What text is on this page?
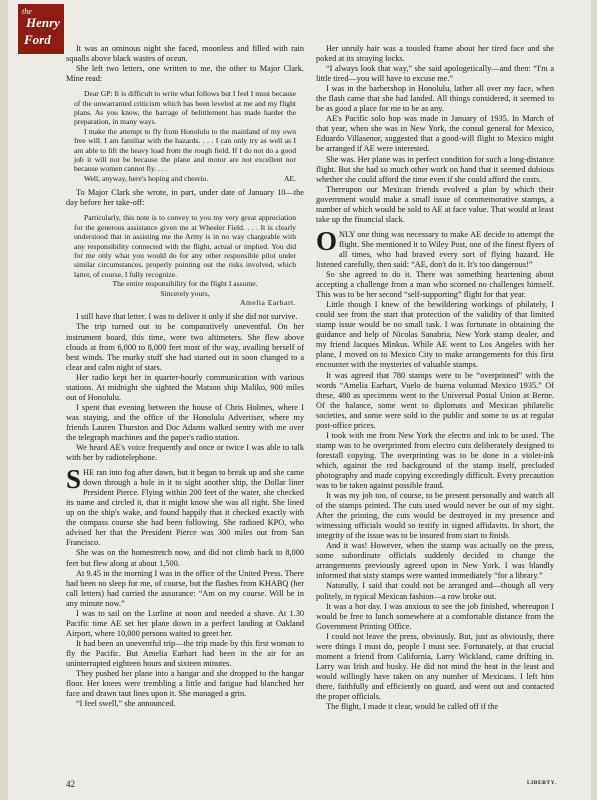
the
Henry
Ford

It was an ominous night she faced, moonless and filled with rain squalls above black wastes of ocean.

She left two letters, one written to me, the other to Major Clark. Mine read:

Dear GP: It is difficult to write what follows but I feel I must because of the unwarranted criticism which has been leveled at me and my flight plans. As you know, the barrage of belittlement has made harder the preparation, in many ways.

I make the attempt to fly from Honolulu to the mainland of my own free will. I am familiar with the hazards. . . . I can only try as well as I am able to lift the heavy load from the rough field. If I do not do a good job it will not be because the plane and motor are not excellent nor because women cannot fly. . . .

Well, anyway, here's hoping and cheerio.	AE.

To Major Clark she wrote, in part, under date of January 10—the day before her take-off:

Particularly, this note is to convey to you my very great appreciation for the generous assistance given me at Wheeler Field. . . . It is clearly understood that in assisting me the Army is in no way chargeable with any responsibility connected with the flight, actual or implied. You did for me only what you would do for any other responsible pilot under similar circumstances, properly pointing out the risks involved, which latter, of course, I fully recognize.

The entire responsibility for the flight I assume.

Sincerely yours,

Amelia Earhart.

I still have that letter. I was to deliver it only if she did not survive.

The trip turned out to be comparatively uneventful. On her instrument board, this time, were two altimeters. She flew above clouds at from 6,000 to 8,000 feet most of the way, availing herself of best winds. The murky stuff she had started out in soon changed to a clear and calm night of stars.

Her radio kept her in quarter-hourly communication with various stations. At midnight she sighted the Matson ship Maliko, 900 miles out of Honolulu.

I spent that evening between the house of Chris Holmes, where I was staying, and the office of the Honolulu Advertiser, where my friends Lauren Thurston and Doc Adams walked sentry with me over the telegraph machines and the paper's radio station.

We heard AE's voice frequently and once or twice I was able to talk with her by radiotelephone.

SHE ran into fog after dawn, but it began to break up and she came down through a hole in it to sight another ship, the Dollar liner President Pierce. Flying within 200 feet of the water, she checked its name and circled it, that it might know she was all right. She lined up on the ship's wake, and found happily that it checked exactly with the compass course she had been following. She radioed KPO, who advised her that the President Pierce was 300 miles out from San Francisco.

She was on the homestretch now, and did not climb back to 8,000 feet but flew along at about 1,500.

At 9.45 in the morning I was in the office of the United Press. There had been no sleep for me, of course, but the flashes from KHABQ (her call letters) had carried the assurance: “Am on my course. Will be in any minute now.”

I was to sail on the Lurline at noon and needed a shave. At 1.30 Pacific time AE set her plane down in a perfect landing at Oakland Airport, where 10,000 persons waited to greet her.

It had been an uneventful trip—the trip made by this first woman to fly the Pacific. But Amelia Earhart had been in the air for an uninterrupted eighteen hours and sixteen minutes.

They pushed her plane into a hangar and she dropped to the hangar floor. Her knees were trembling a little and fatigue had blanched her face and drawn taut lines upon it. She managed a grin.

“I feel swell,” she announced.

Her unruly hair was a tousled frame about her tired face and she poked at its straying locks.

“I always look that way,” she said apologetically—and then: “I'm a little tired—you will have to excuse me.”

I was in the barbershop in Honolulu, lather all over my face, when the flash came that she had landed. All things considered, it seemed to be as good a place for me to be as any.

AE's Pacific solo hop was made in January of 1935. In March of that year, when she was in New York, the consul general for Mexico, Eduardo Villasenor, suggested that a good-will flight to Mexico might be arranged if AE were interested.

She was. Her plane was in perfect condition for such a long-distance flight. But she had so much other work on hand that it seemed dubious whether she could afford the time even if she could afford the costs.

Thereupon our Mexican friends evolved a plan by which their government would make a small issue of commemorative stamps, a number of which would be sold to AE at face value. That would at least take up the financial slack.

ONLY one thing was necessary to make AE decide to attempt the flight. She mentioned it to Wiley Post, one of the finest flyers of all times, who had braved every sort of flying hazard. He listened carefully, then said: “AE, don't do it. It's too dangerous!”

So she agreed to do it. There was something heartening about accepting a challenge from a man who scorned no challenges himself. This was to be her second “self-supporting” flight for that year.

Little though I knew of the bewildering workings of philately, I could see from the start that protection of the validity of that limited stamp issue would be no small task. I was fortunate in obtaining the guidance and help of Nicolas Sanabria, New York stamp dealer, and my friend Jacques Minkus. While AE went to Los Angeles with her plane, I moved on to Mexico City to make arrangements for this first encounter with the mysteries of valuable stamps.

It was agreed that 780 stamps were to be “overprinted” with the words “Amelia Earhart, Vuelo de buena voluntad Mexico 1935.” Of these, 480 as specimens went to the Universal Postal Union at Berne. Of the balance, some went to diplomats and Mexican philatelic societies, and some were sold to the public and some to us at regular post-office prices.

I took with me from New York the electro and ink to be used. The stamp was to be overprinted from electro cuts deliberately designed to forestall copying. The overprinting was to be done in a violet-ink which, against the red background of the stamp itself, precluded photography and made copying exceedingly difficult. Every precaution was to be taken against possible fraud.

It was my job too, of course, to be present personally and watch all of the stamps printed. The cuts used would never be out of my sight. After the printing, the cuts would be destroyed in my presence and witnessing officials would so testify in signed affidavits. In short, the integrity of the issue was to be insured from start to finish.

And it was! However, when the stamp was actually on the press, some subordinate officials suddenly decided to change the arrangements previously agreed upon in New York. I was blandly informed that sixty stamps were wanted immediately “for a library.”

Naturally, I said that could not be arranged and—though all very politely, in typical Mexican fashion—a row broke out.

It was a hot day. I was anxious to see the job finished, whereupon I would be free to lunch somewhere at a comfortable distance from the Government Printing Office.

I could not leave the press, obviously. But, just as obviously, there were things I must do, people I must see. Fortunately, at that crucial moment a friend from California, Larry Wickland, came drifting in. Larry was Irish and husky. He did not mind the heat in the least and would willingly have taken on any number of Mexicans. I left him there, faithfully and efficiently on guard, and went out and contacted the proper officials.

The flight, I made it clear, would be called off if the

42	LIBERTY.
